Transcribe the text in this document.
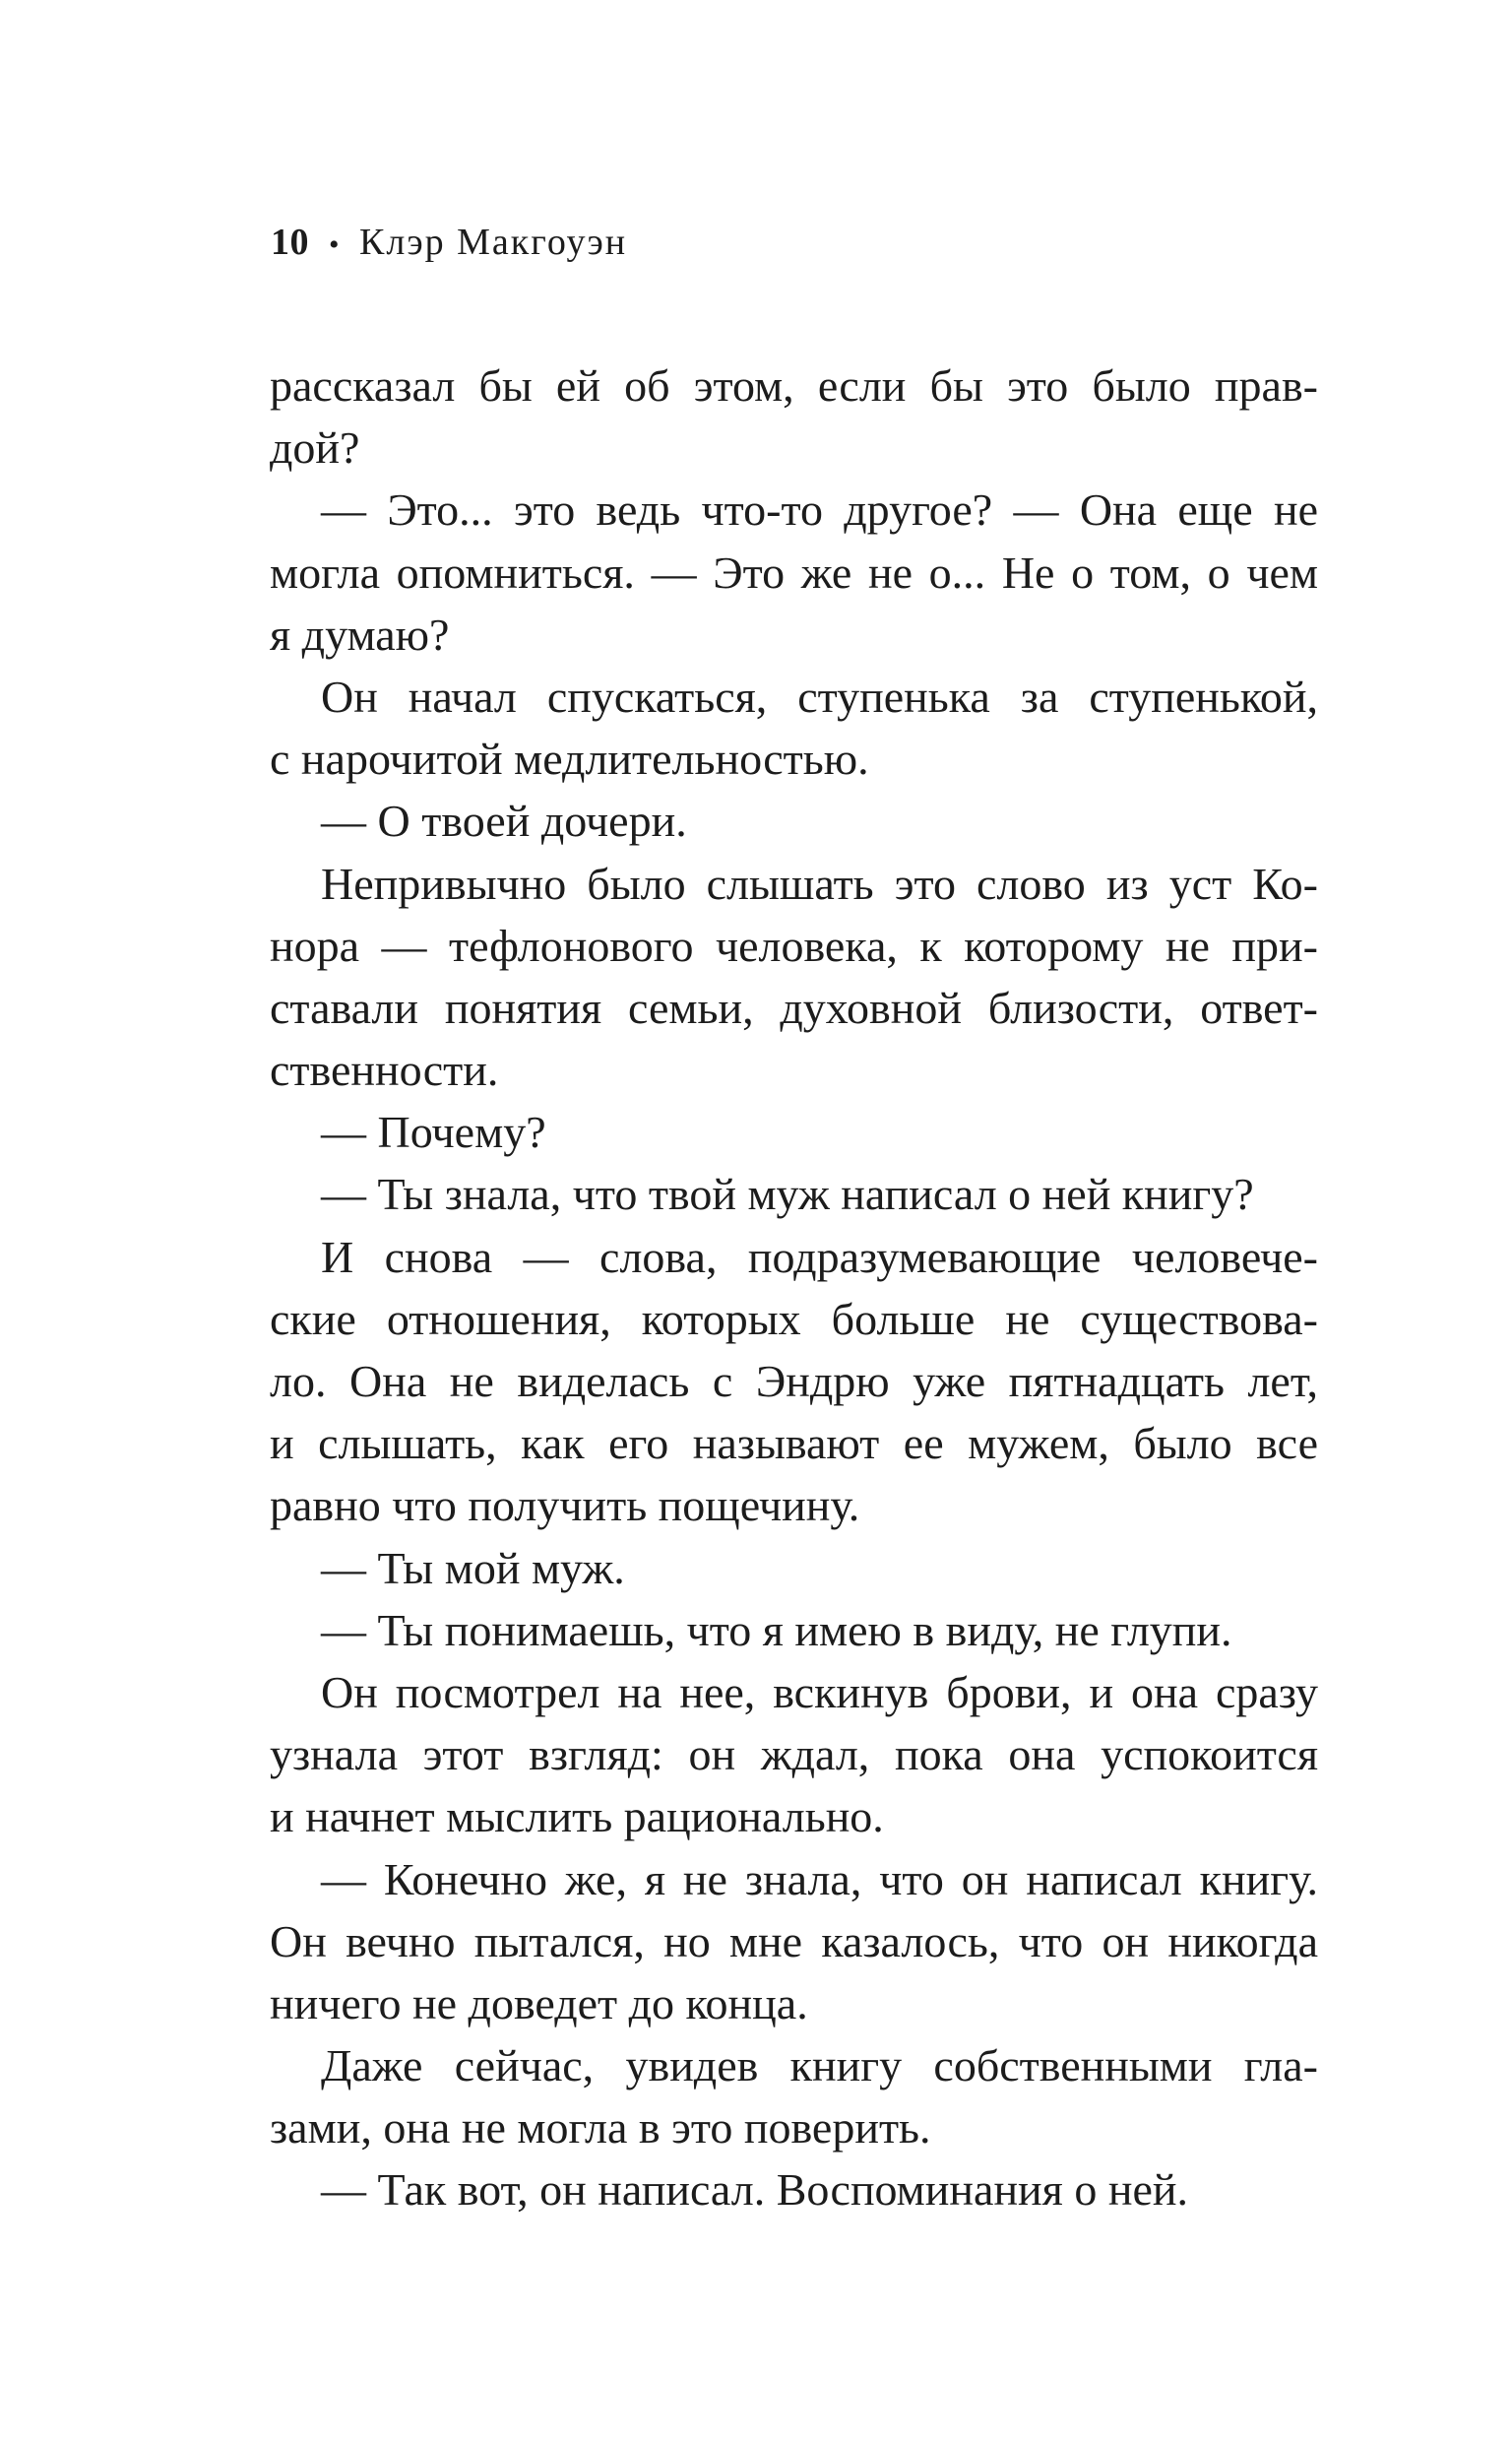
10 • Клэр Макгоуэн
рассказал бы ей об этом, если бы это было прав-
дой?
— Это... это ведь что-то другое? — Она еще не
могла опомниться. — Это же не о... Не о том, о чем
я думаю?
Он начал спускаться, ступенька за ступенькой,
с нарочитой медлительностью.
— О твоей дочери.
Непривычно было слышать это слово из уст Ко-
нора — тефлонового человека, к которому не при-
ставали понятия семьи, духовной близости, ответ-
ственности.
— Почему?
— Ты знала, что твой муж написал о ней книгу?
И снова — слова, подразумевающие человече-
ские отношения, которых больше не существова-
ло. Она не виделась с Эндрю уже пятнадцать лет,
и слышать, как его называют ее мужем, было все
равно что получить пощечину.
— Ты мой муж.
— Ты понимаешь, что я имею в виду, не глупи.
Он посмотрел на нее, вскинув брови, и она сразу
узнала этот взгляд: он ждал, пока она успокоится
и начнет мыслить рационально.
— Конечно же, я не знала, что он написал книгу.
Он вечно пытался, но мне казалось, что он никогда
ничего не доведет до конца.
Даже сейчас, увидев книгу собственными гла-
зами, она не могла в это поверить.
— Так вот, он написал. Воспоминания о ней.
